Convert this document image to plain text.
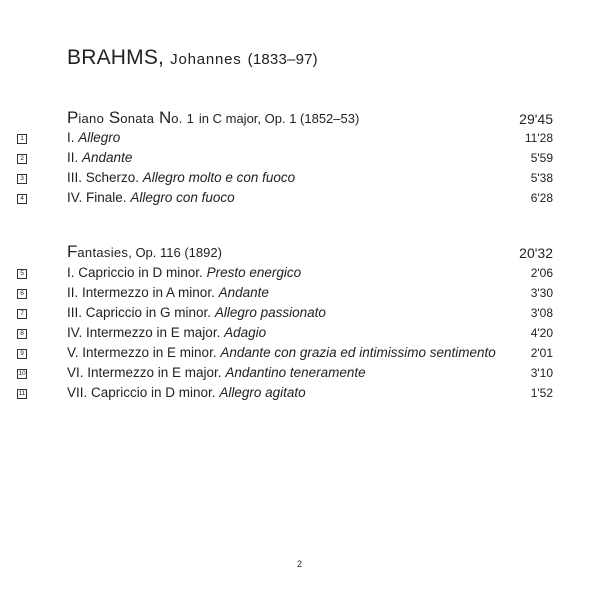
BRAHMS, Johannes (1833–97)
Piano Sonata No. 1 in C major, Op. 1 (1852–53)	29'45
1	I. Allegro	11'28
2	II. Andante	5'59
3	III. Scherzo. Allegro molto e con fuoco	5'38
4	IV. Finale. Allegro con fuoco	6'28
Fantasies, Op. 116 (1892)	20'32
5	I. Capriccio in D minor. Presto energico	2'06
6	II. Intermezzo in A minor. Andante	3'30
7	III. Capriccio in G minor. Allegro passionato	3'08
8	IV. Intermezzo in E major. Adagio	4'20
9	V. Intermezzo in E minor. Andante con grazia ed intimissimo sentimento	2'01
10	VI. Intermezzo in E major. Andantino teneramente	3'10
11	VII. Capriccio in D minor. Allegro agitato	1'52
2
